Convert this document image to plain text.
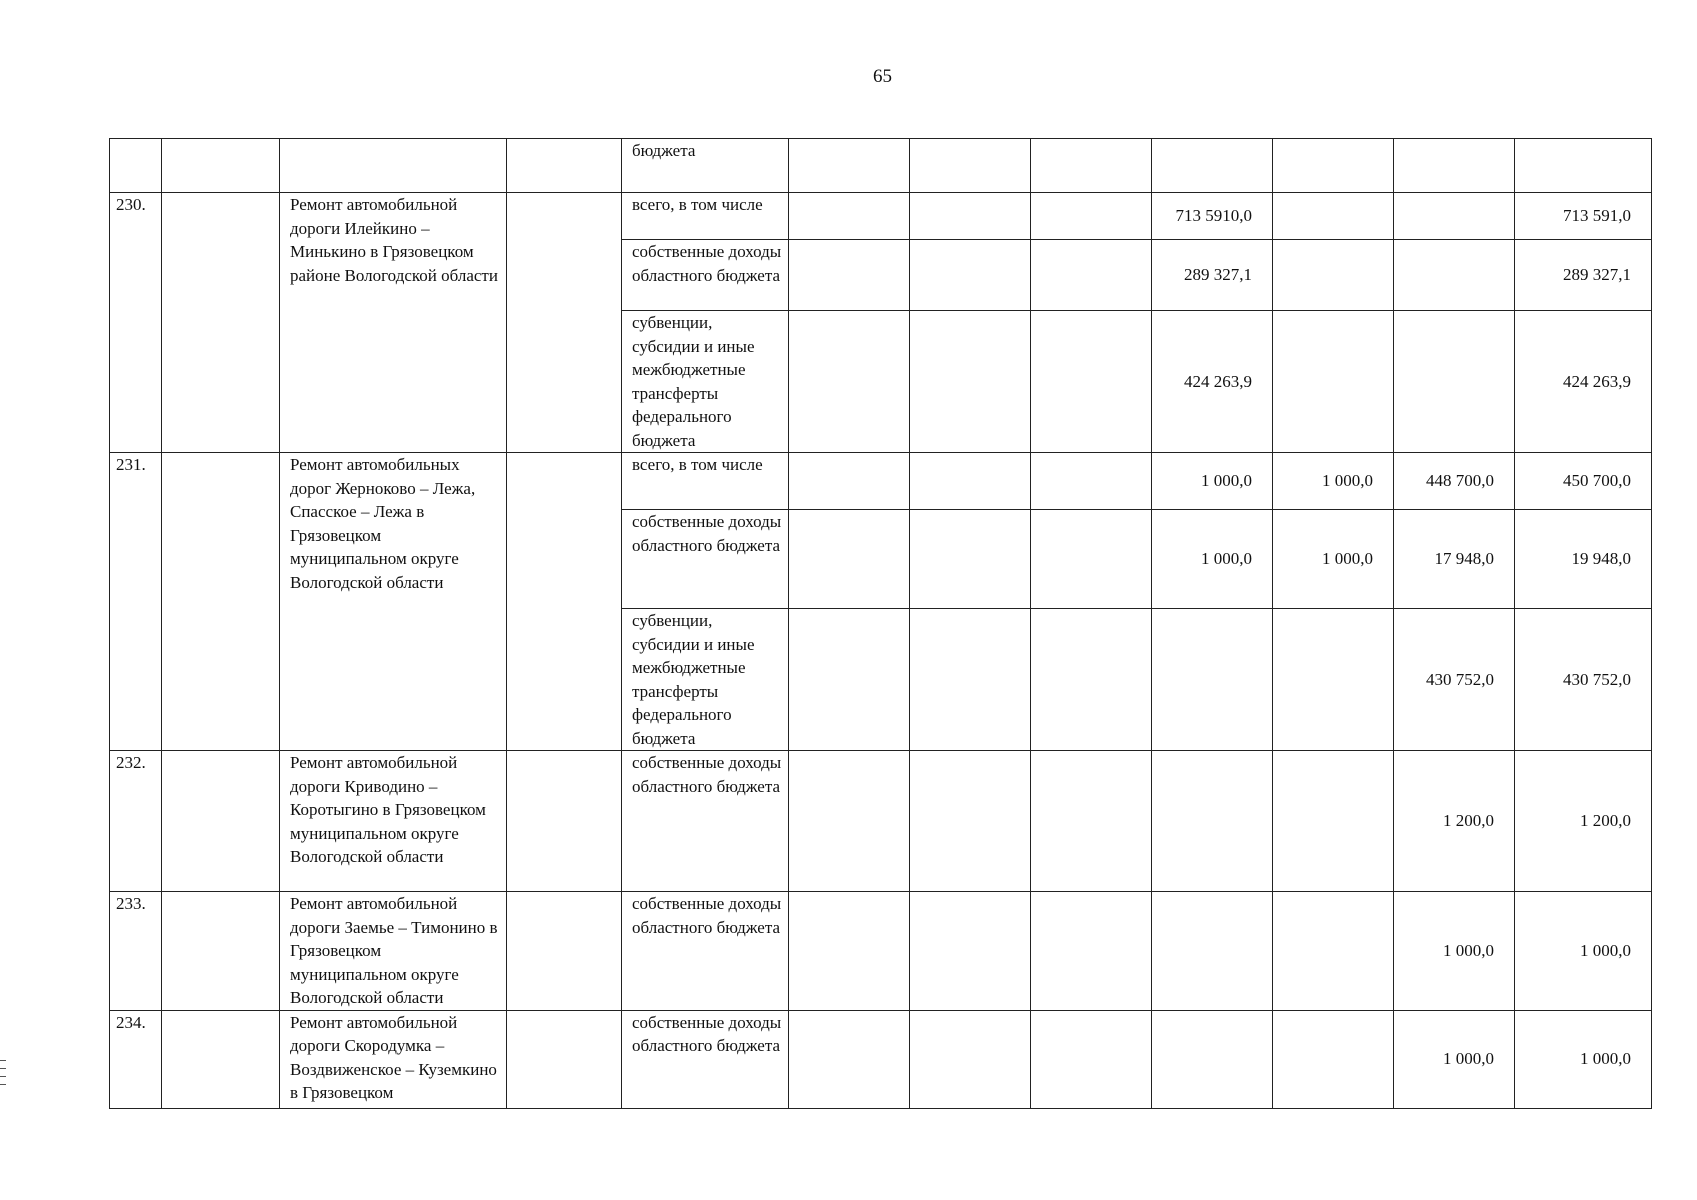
65
				бюджета							
230.		Ремонт автомобильной дороги Илейкино – Минькино в Грязовецком районе Вологодской области		всего, в том числе				713 5910,0			713 591,0
				собственные доходы областного бюджета				289 327,1			289 327,1
				субвенции, субсидии и иные межбюджетные трансферты федерального бюджета				424 263,9			424 263,9
231.		Ремонт автомобильных дорог Жерноково – Лежа, Спасское – Лежа в Грязовецком муниципальном округе Вологодской области		всего, в том числе				1 000,0	1 000,0	448 700,0	450 700,0
				собственные доходы областного бюджета				1 000,0	1 000,0	17 948,0	19 948,0
				субвенции, субсидии и иные межбюджетные трансферты федерального бюджета						430 752,0	430 752,0
232.		Ремонт автомобильной дороги Криводино – Коротыгино в Грязовецком муниципальном округе Вологодской области		собственные доходы областного бюджета						1 200,0	1 200,0
233.		Ремонт автомобильной дороги Заемье – Тимонино в Грязовецком муниципальном округе Вологодской области		собственные доходы областного бюджета						1 000,0	1 000,0
234.		Ремонт автомобильной дороги Скородумка – Воздвиженское – Куземкино в Грязовецком		собственные доходы областного бюджета						1 000,0	1 000,0
